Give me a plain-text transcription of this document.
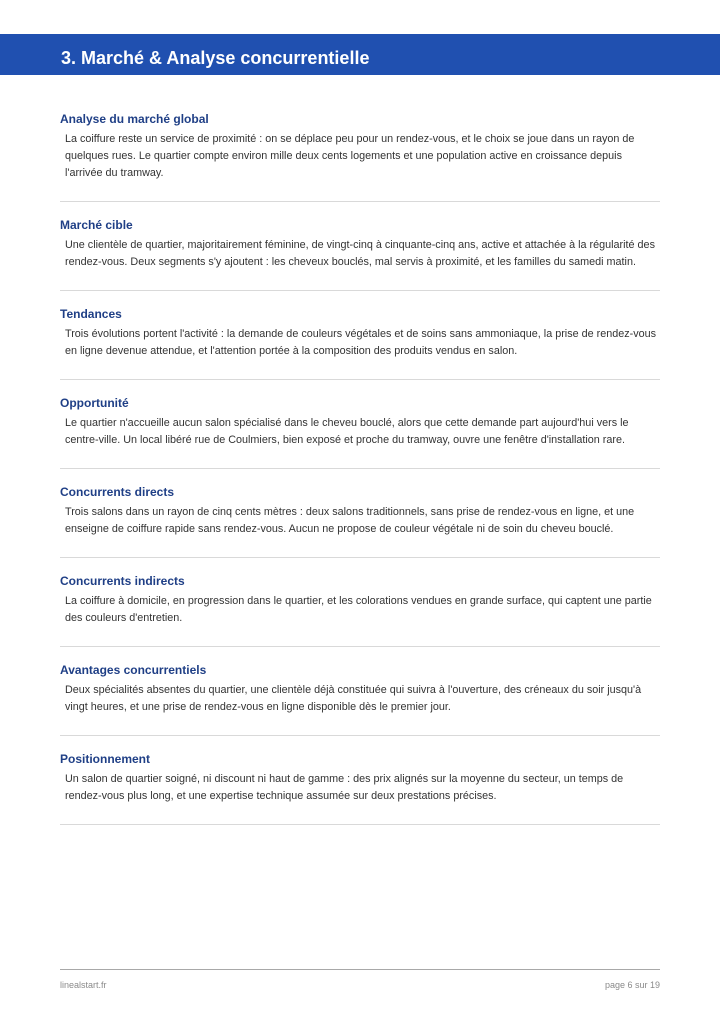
3. Marché & Analyse concurrentielle
Analyse du marché global

La coiffure reste un service de proximité : on se déplace peu pour un rendez-vous, et le choix se joue dans un rayon de quelques rues. Le quartier compte environ mille deux cents logements et une population active en croissance depuis l'arrivée du tramway.

Marché cible

Une clientèle de quartier, majoritairement féminine, de vingt-cinq à cinquante-cinq ans, active et attachée à la régularité des rendez-vous. Deux segments s'y ajoutent : les cheveux bouclés, mal servis à proximité, et les familles du samedi matin.

Tendances

Trois évolutions portent l'activité : la demande de couleurs végétales et de soins sans ammoniaque, la prise de rendez-vous en ligne devenue attendue, et l'attention portée à la composition des produits vendus en salon.

Opportunité

Le quartier n'accueille aucun salon spécialisé dans le cheveu bouclé, alors que cette demande part aujourd'hui vers le centre-ville. Un local libéré rue de Coulmiers, bien exposé et proche du tramway, ouvre une fenêtre d'installation rare.

Concurrents directs

Trois salons dans un rayon de cinq cents mètres : deux salons traditionnels, sans prise de rendez-vous en ligne, et une enseigne de coiffure rapide sans rendez-vous. Aucun ne propose de couleur végétale ni de soin du cheveu bouclé.

Concurrents indirects

La coiffure à domicile, en progression dans le quartier, et les colorations vendues en grande surface, qui captent une partie des couleurs d'entretien.

Avantages concurrentiels

Deux spécialités absentes du quartier, une clientèle déjà constituée qui suivra à l'ouverture, des créneaux du soir jusqu'à vingt heures, et une prise de rendez-vous en ligne disponible dès le premier jour.

Positionnement

Un salon de quartier soigné, ni discount ni haut de gamme : des prix alignés sur la moyenne du secteur, un temps de rendez-vous plus long, et une expertise technique assumée sur deux prestations précises.

linealstart.fr	page 6 sur 19
